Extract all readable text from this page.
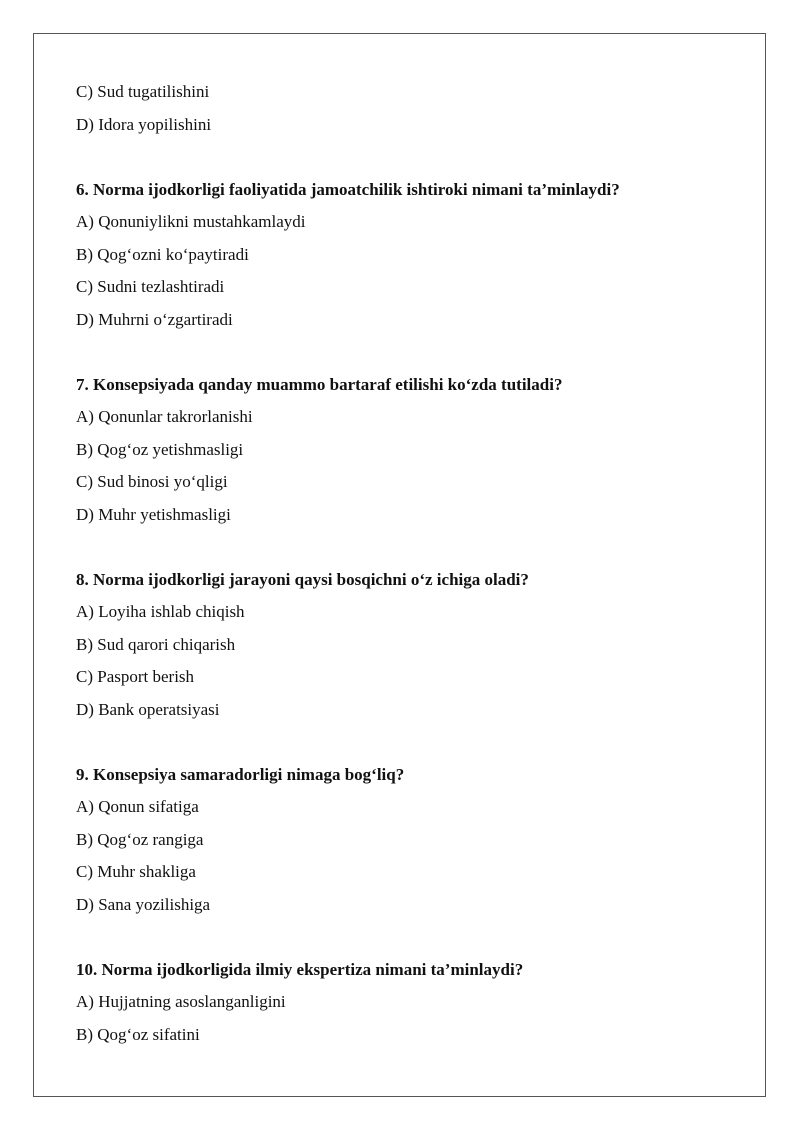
C) Sud tugatilishini
D) Idora yopilishini
6. Norma ijodkorligi faoliyatida jamoatchilik ishtiroki nimani ta’minlaydi?
A) Qonuniylikni mustahkamlaydi
B) Qog‘ozni ko‘paytiradi
C) Sudni tezlashtiradi
D) Muhrni o‘zgartiradi
7. Konsepsiyada qanday muammo bartaraf etilishi ko‘zda tutiladi?
A) Qonunlar takrorlanishi
B) Qog‘oz yetishmasligi
C) Sud binosi yo‘qligi
D) Muhr yetishmasligi
8. Norma ijodkorligi jarayoni qaysi bosqichni o‘z ichiga oladi?
A) Loyiha ishlab chiqish
B) Sud qarori chiqarish
C) Pasport berish
D) Bank operatsiyasi
9. Konsepsiya samaradorligi nimaga bog‘liq?
A) Qonun sifatiga
B) Qog‘oz rangiga
C) Muhr shakliga
D) Sana yozilishiga
10. Norma ijodkorligida ilmiy ekspertiza nimani ta’minlaydi?
A) Hujjatning asoslanganligini
B) Qog‘oz sifatini
